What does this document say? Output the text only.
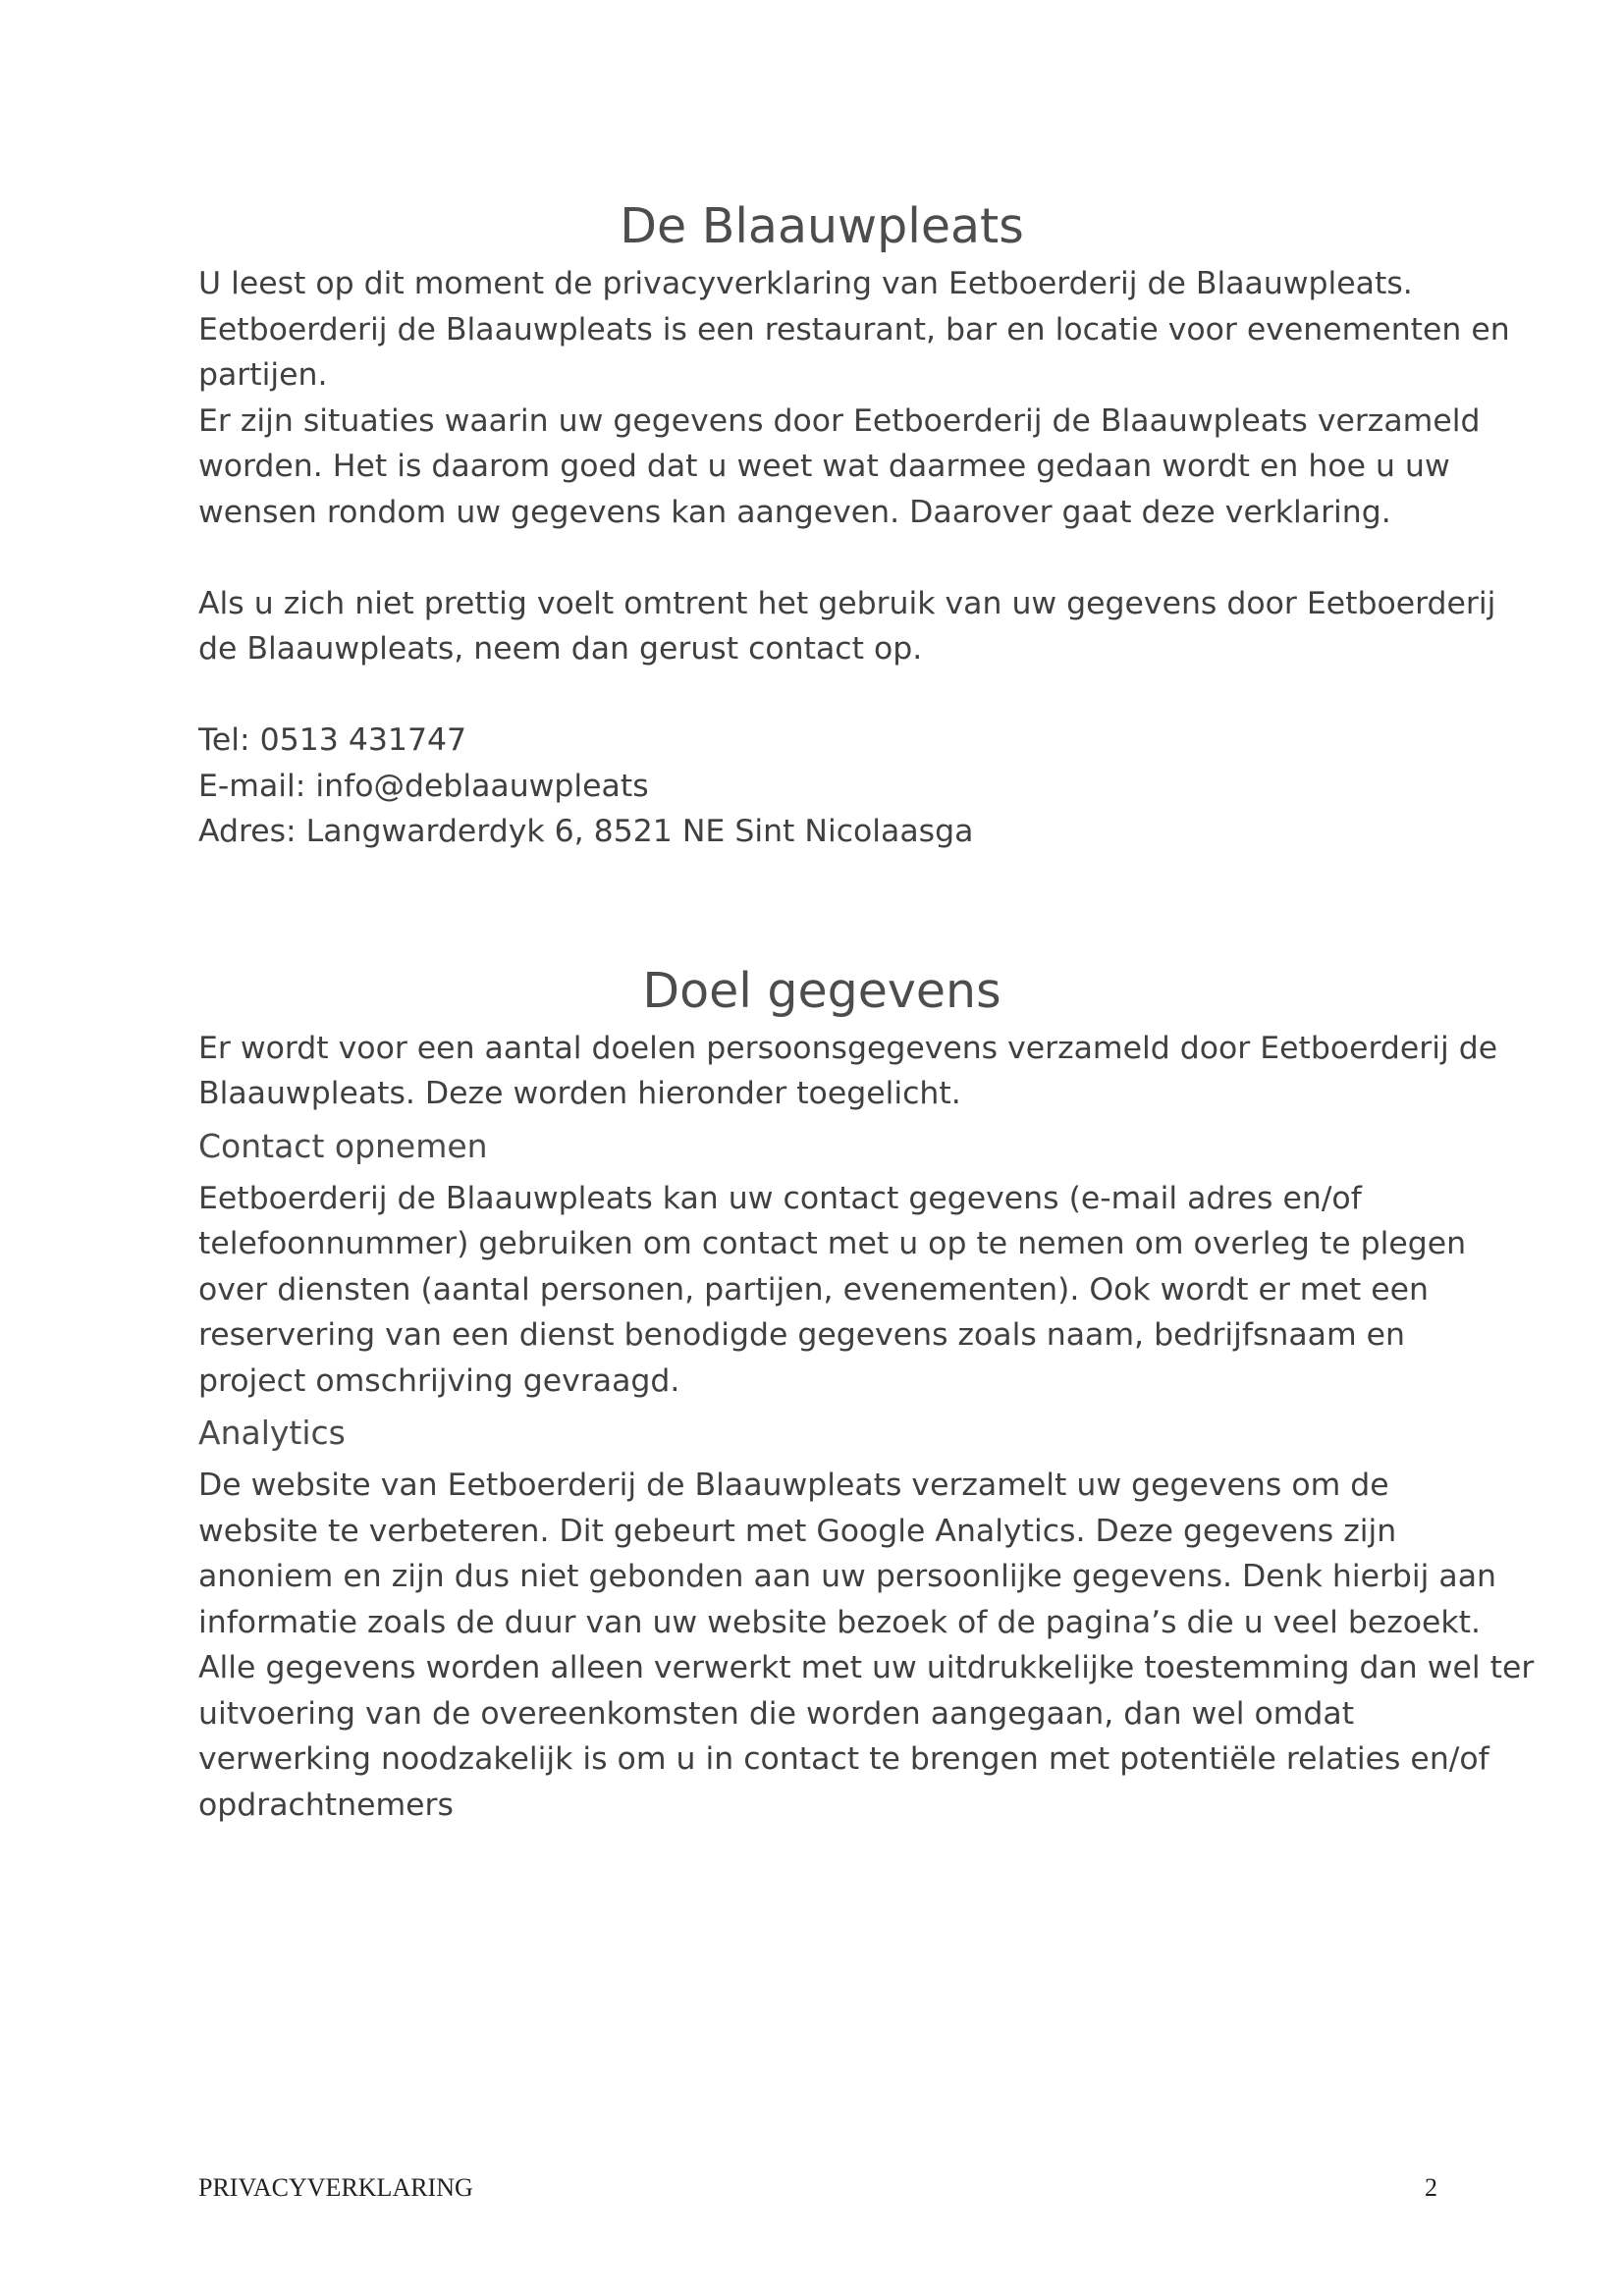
De Blaauwpleats

U leest op dit moment de privacyverklaring van Eetboerderij de Blaauwpleats.
Eetboerderij de Blaauwpleats is een restaurant, bar en locatie voor evenementen en
partijen.
Er zijn situaties waarin uw gegevens door Eetboerderij de Blaauwpleats verzameld
worden. Het is daarom goed dat u weet wat daarmee gedaan wordt en hoe u uw
wensen rondom uw gegevens kan aangeven. Daarover gaat deze verklaring.

Als u zich niet prettig voelt omtrent het gebruik van uw gegevens door Eetboerderij
de Blaauwpleats, neem dan gerust contact op.

Tel: 0513 431747
E-mail: info@deblaauwpleats
Adres: Langwarderdyk 6, 8521 NE Sint Nicolaasga

Doel gegevens

Er wordt voor een aantal doelen persoonsgegevens verzameld door Eetboerderij de
Blaauwpleats. Deze worden hieronder toegelicht.

Contact opnemen

Eetboerderij de Blaauwpleats kan uw contact gegevens (e-mail adres en/of
telefoonnummer) gebruiken om contact met u op te nemen om overleg te plegen
over diensten (aantal personen, partijen, evenementen). Ook wordt er met een
reservering van een dienst benodigde gegevens zoals naam, bedrijfsnaam en
project omschrijving gevraagd.

Analytics

De website van Eetboerderij de Blaauwpleats verzamelt uw gegevens om de
website te verbeteren. Dit gebeurt met Google Analytics. Deze gegevens zijn
anoniem en zijn dus niet gebonden aan uw persoonlijke gegevens. Denk hierbij aan
informatie zoals de duur van uw website bezoek of de pagina’s die u veel bezoekt.
Alle gegevens worden alleen verwerkt met uw uitdrukkelijke toestemming dan wel ter
uitvoering van de overeenkomsten die worden aangegaan, dan wel omdat
verwerking noodzakelijk is om u in contact te brengen met potentiële relaties en/of
opdrachtnemers

PRIVACYVERKLARING	2
